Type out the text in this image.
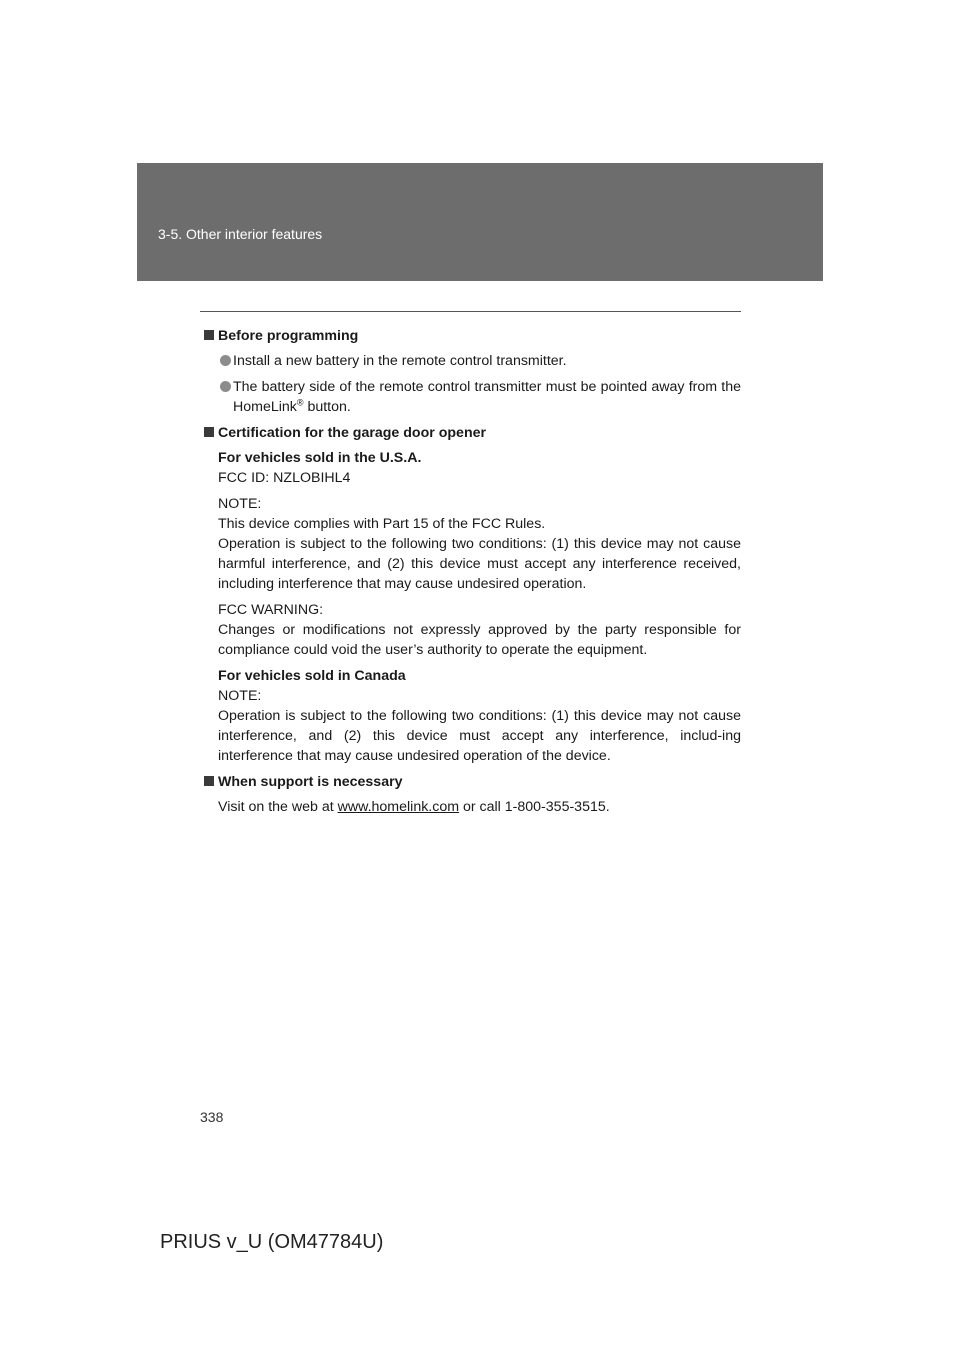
3-5. Other interior features
Before programming
Install a new battery in the remote control transmitter.
The battery side of the remote control transmitter must be pointed away from the HomeLink® button.
Certification for the garage door opener
For vehicles sold in the U.S.A.
FCC ID: NZLOBIHL4
NOTE:
This device complies with Part 15 of the FCC Rules.
Operation is subject to the following two conditions: (1) this device may not cause harmful interference, and (2) this device must accept any interference received, including interference that may cause undesired operation.
FCC WARNING:
Changes or modifications not expressly approved by the party responsible for compliance could void the user’s authority to operate the equipment.
For vehicles sold in Canada
NOTE:
Operation is subject to the following two conditions: (1) this device may not cause interference, and (2) this device must accept any interference, includ-ing interference that may cause undesired operation of the device.
When support is necessary
Visit on the web at www.homelink.com or call 1-800-355-3515.
338
PRIUS v_U (OM47784U)
